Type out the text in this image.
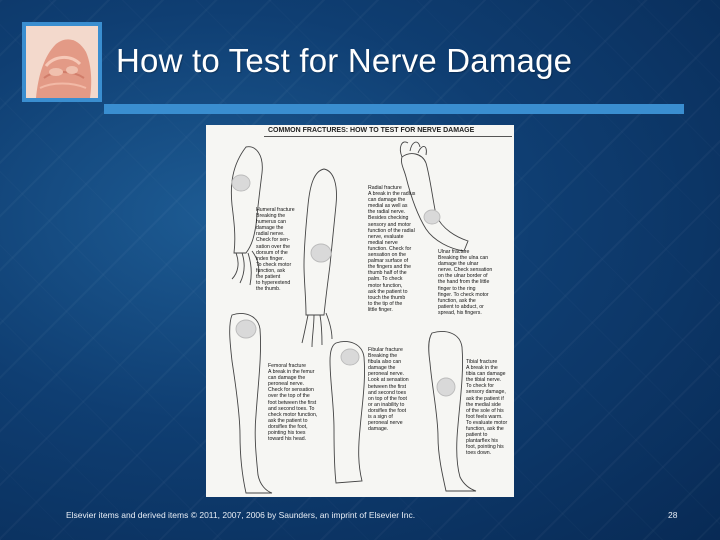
How to Test for Nerve Damage
COMMON FRACTURES: HOW TO TEST FOR NERVE DAMAGE
Humeral fracture
Breaking the
humerus can
damage the
radial nerve.
Check for sen-
sation over the
dorsum of the
index finger.
To check motor
function, ask
the patient
to hyperextend
the thumb.
Radial fracture
A break in the radius
can damage the
medial as well as
the radial nerve.
Besides checking
sensory and motor
function of the radial
nerve, evaluate
medial nerve
function. Check for
sensation on the
palmar surface of
the fingers and the
thumb half of the
palm. To check
motor function,
ask the patient to
touch the thumb
to the tip of the
little finger.
Ulnar fracture
Breaking the ulna can
damage the ulnar
nerve. Check sensation
on the ulnar border of
the hand from the little
finger to the ring
finger. To check motor
function, ask the
patient to abduct, or
spread, his fingers.
Femoral fracture
A break in the femur
can damage the
peroneal nerve.
Check for sensation
over the top of the
foot between the first
and second toes. To
check motor function,
ask the patient to
dorsiflex the foot,
pointing his toes
toward his head.
Fibular fracture
Breaking the
fibula also can
damage the
peroneal nerve.
Look at sensation
between the first
and second toes
on top of the foot
or an inability to
dorsiflex the foot
is a sign of
peroneal nerve
damage.
Tibial fracture
A break in the
tibia can damage
the tibial nerve.
To check for
sensory damage,
ask the patient if
the medial side
of the sole of his
foot feels warm.
To evaluate motor
function, ask the
patient to
plantarflex his
foot, pointing his
toes down.
Elsevier items and derived items © 2011, 2007, 2006 by Saunders, an imprint of Elsevier Inc.	28
